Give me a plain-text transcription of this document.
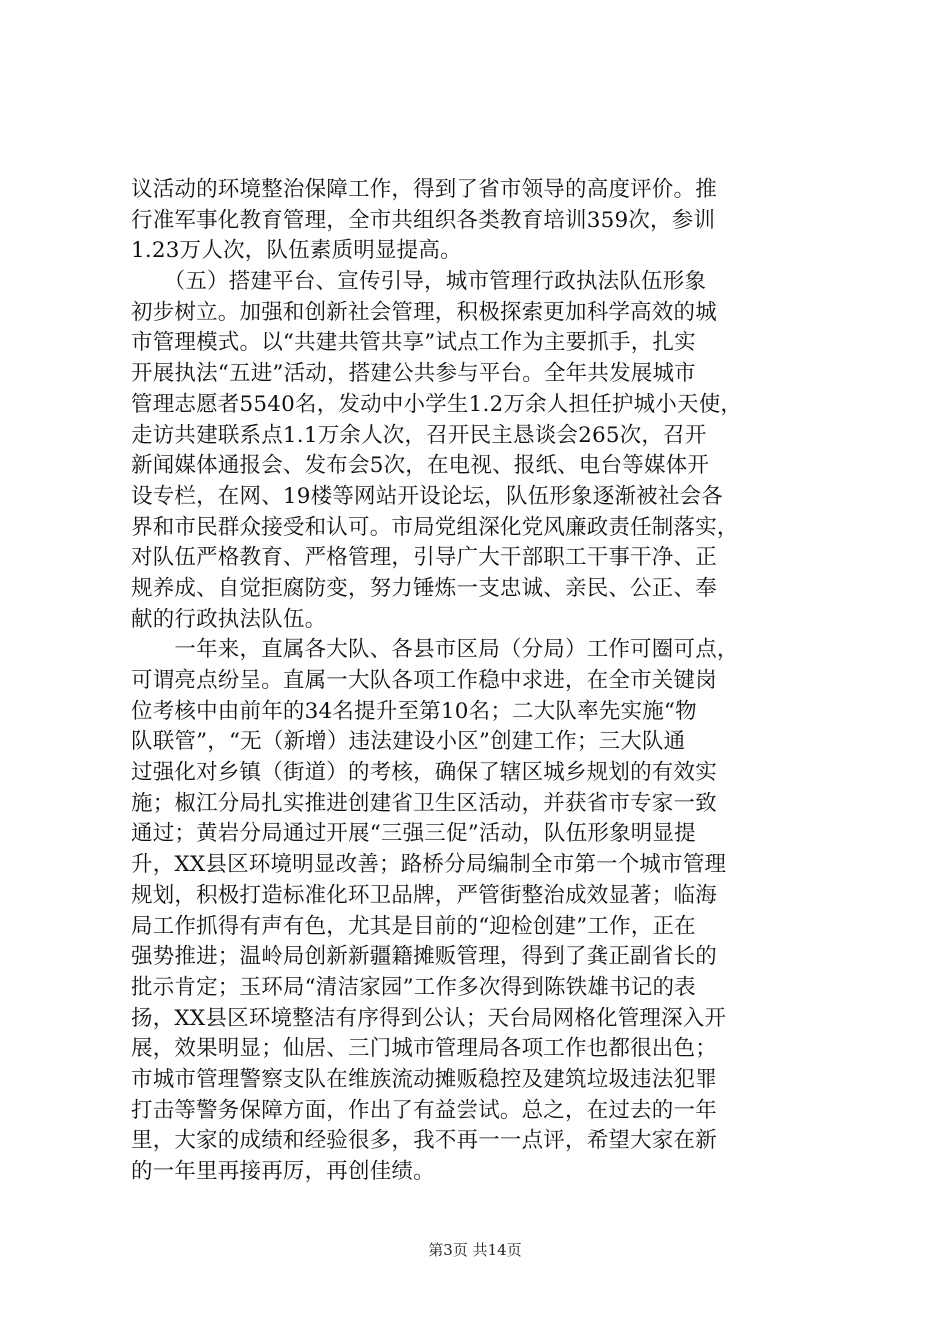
议活动的环境整治保障工作，得到了省市领导的高度评价。推
行准军事化教育管理，全市共组织各类教育培训359次，参训
1.23万人次，队伍素质明显提高。
　　（五）搭建平台、宣传引导，城市管理行政执法队伍形象
初步树立。加强和创新社会管理，积极探索更加科学高效的城
市管理模式。以“共建共管共享”试点工作为主要抓手，扎实
开展执法“五进”活动，搭建公共参与平台。全年共发展城市
管理志愿者5540名，发动中小学生1.2万余人担任护城小天使，
走访共建联系点1.1万余人次，召开民主恳谈会265次，召开
新闻媒体通报会、发布会5次，在电视、报纸、电台等媒体开
设专栏，在网、19楼等网站开设论坛，队伍形象逐渐被社会各
界和市民群众接受和认可。市局党组深化党风廉政责任制落实，
对队伍严格教育、严格管理，引导广大干部职工干事干净、正
规养成、自觉拒腐防变，努力锤炼一支忠诚、亲民、公正、奉
献的行政执法队伍。
　　一年来，直属各大队、各县市区局（分局）工作可圈可点，
可谓亮点纷呈。直属一大队各项工作稳中求进，在全市关键岗
位考核中由前年的34名提升至第10名；二大队率先实施“物
队联管”，“无（新增）违法建设小区”创建工作；三大队通
过强化对乡镇（街道）的考核，确保了辖区城乡规划的有效实
施；椒江分局扎实推进创建省卫生区活动，并获省市专家一致
通过；黄岩分局通过开展“三强三促”活动，队伍形象明显提
升，XX县区环境明显改善；路桥分局编制全市第一个城市管理
规划，积极打造标准化环卫品牌，严管街整治成效显著；临海
局工作抓得有声有色，尤其是目前的“迎检创建”工作，正在
强势推进；温岭局创新新疆籍摊贩管理，得到了龚正副省长的
批示肯定；玉环局“清洁家园”工作多次得到陈铁雄书记的表
扬，XX县区环境整洁有序得到公认；天台局网格化管理深入开
展，效果明显；仙居、三门城市管理局各项工作也都很出色；
市城市管理警察支队在维族流动摊贩稳控及建筑垃圾违法犯罪
打击等警务保障方面，作出了有益尝试。总之，在过去的一年
里，大家的成绩和经验很多，我不再一一点评，希望大家在新
的一年里再接再厉，再创佳绩。
第3页 共14页
